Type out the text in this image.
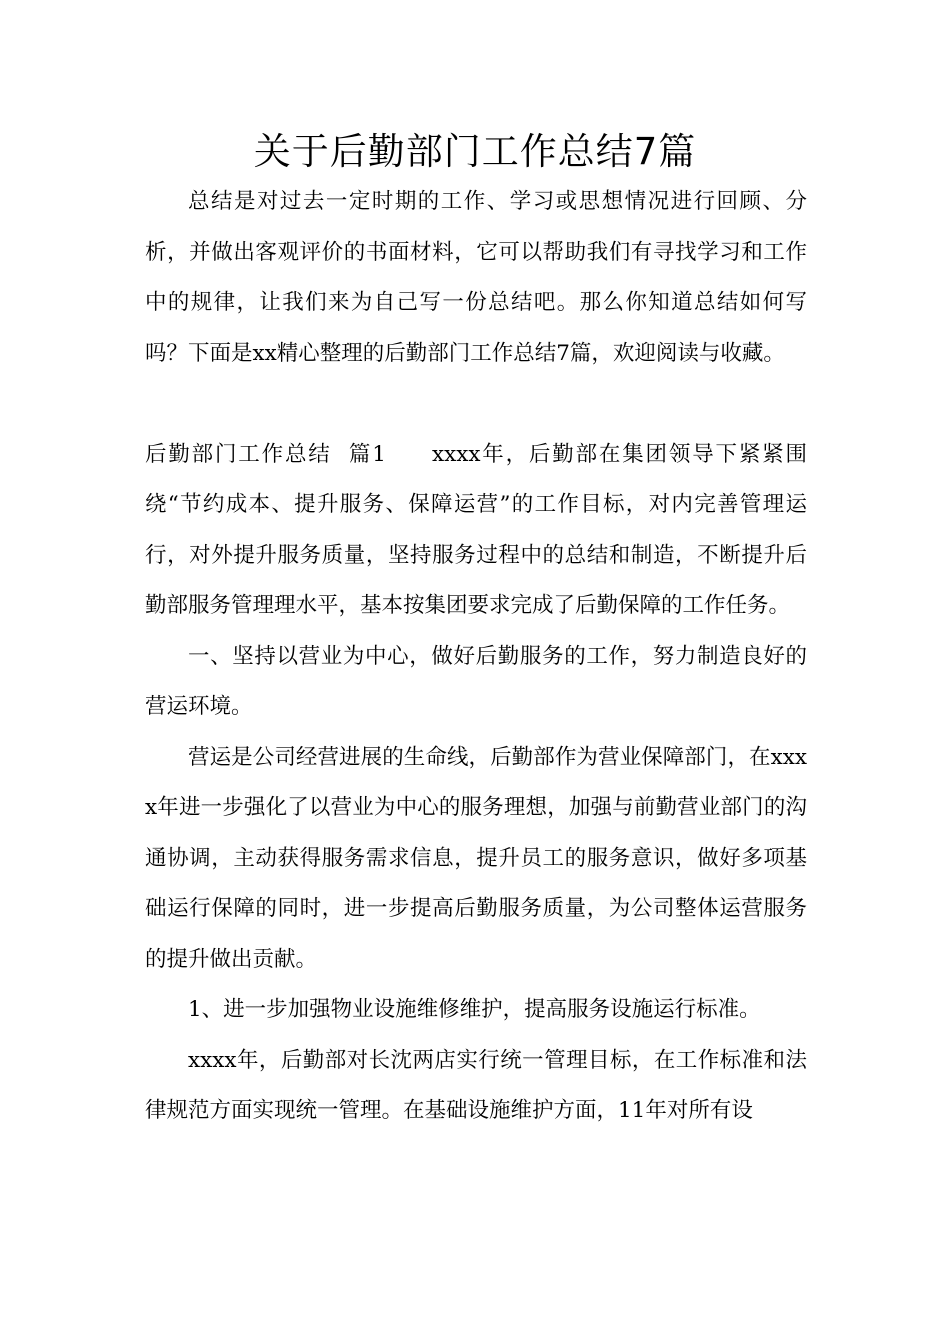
关于后勤部门工作总结7篇

总结是对过去一定时期的工作、学习或思想情况进行回顾、分析，并做出客观评价的书面材料，它可以帮助我们有寻找学习和工作中的规律，让我们来为自己写一份总结吧。那么你知道总结如何写吗？下面是xx精心整理的后勤部门工作总结7篇，欢迎阅读与收藏。

后勤部门工作总结  篇1 xxxx年，后勤部在集团领导下紧紧围绕“节约成本、提升服务、保障运营”的工作目标，对内完善管理运行，对外提升服务质量，坚持服务过程中的总结和制造，不断提升后勤部服务管理理水平，基本按集团要求完成了后勤保障的工作任务。

一、坚持以营业为中心，做好后勤服务的工作，努力制造良好的营运环境。

营运是公司经营进展的生命线，后勤部作为营业保障部门，在xxxx年进一步强化了以营业为中心的服务理想，加强与前勤营业部门的沟通协调，主动获得服务需求信息，提升员工的服务意识，做好多项基础运行保障的同时，进一步提高后勤服务质量，为公司整体运营服务的提升做出贡献。

1、进一步加强物业设施维修维护，提高服务设施运行标准。

xxxx年，后勤部对长沈两店实行统一管理目标，在工作标准和法律规范方面实现统一管理。在基础设施维护方面，11年对所有设
